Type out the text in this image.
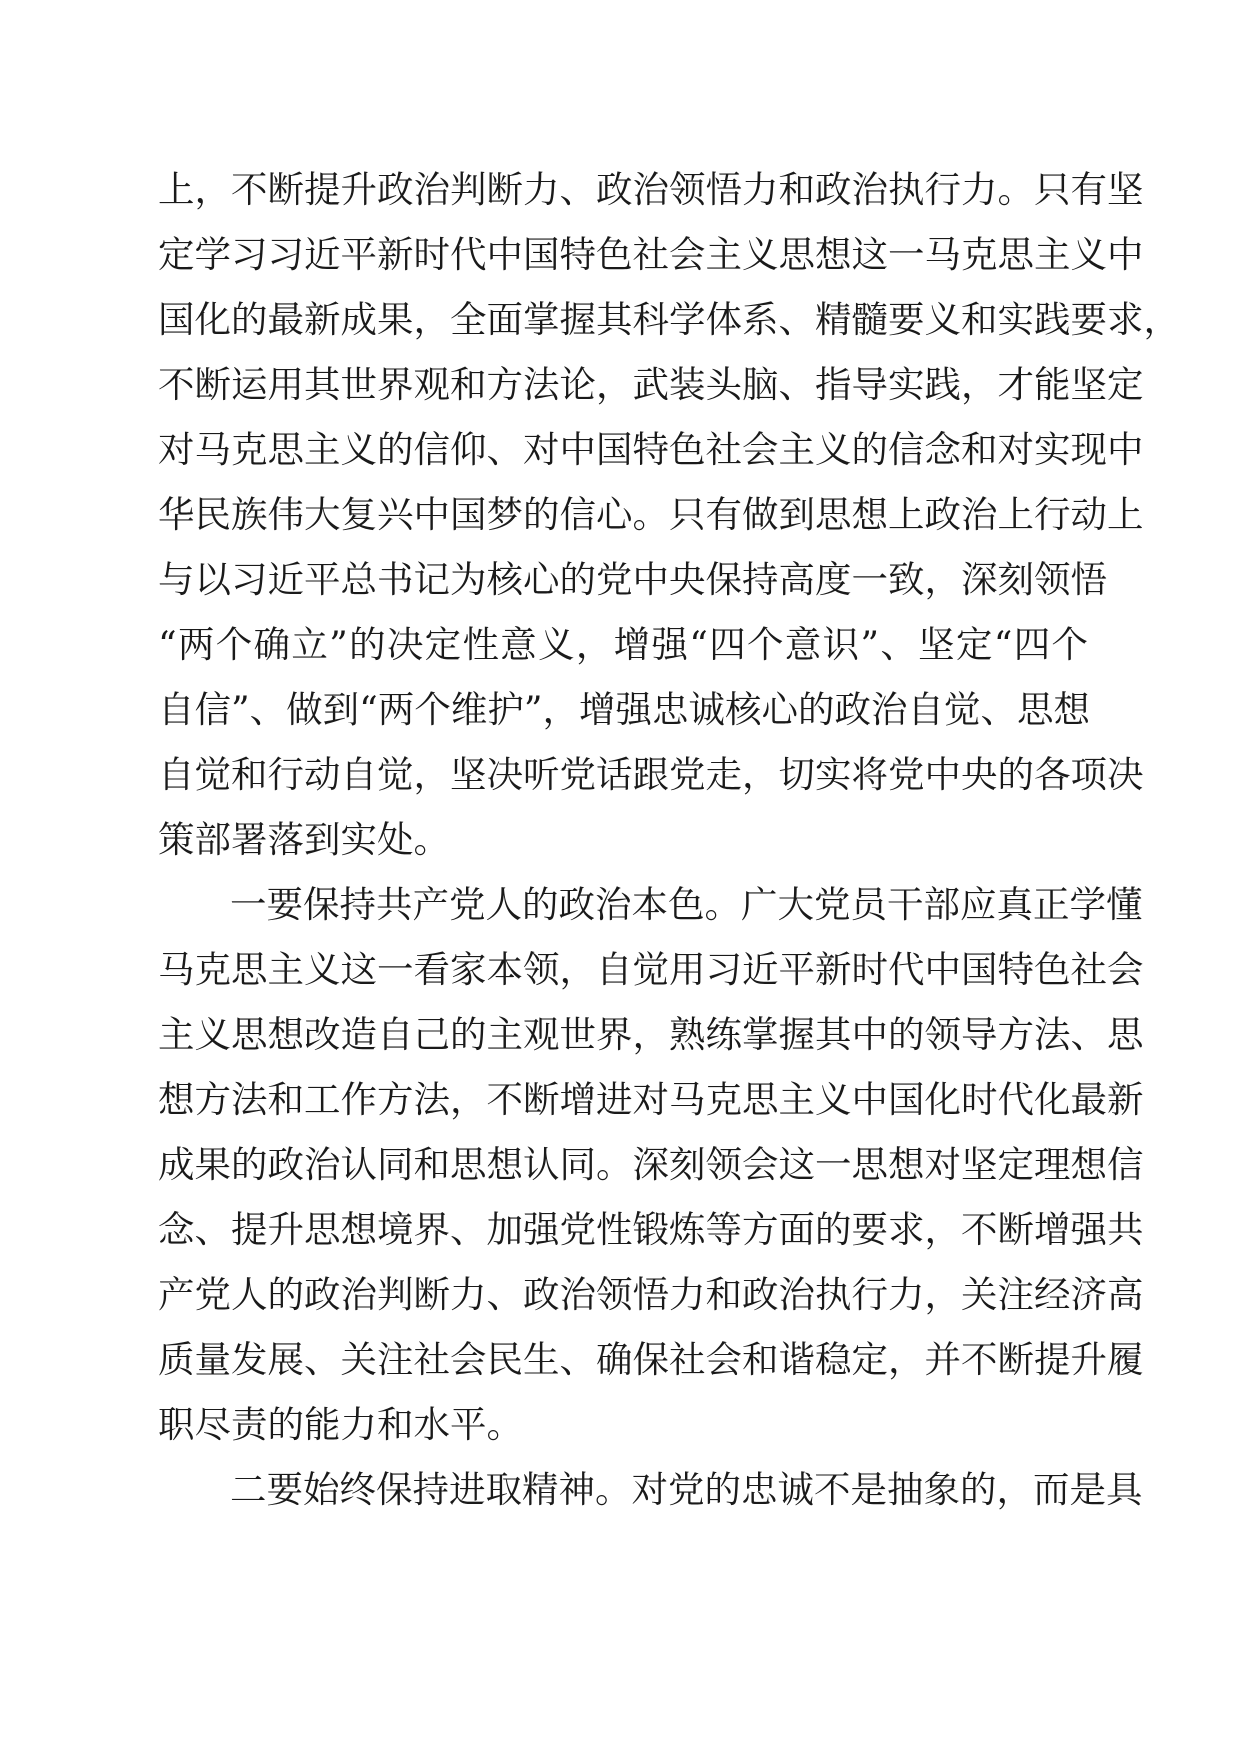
上，不断提升政治判断力、政治领悟力和政治执行力。只有坚
定学习习近平新时代中国特色社会主义思想这一马克思主义中
国化的最新成果，全面掌握其科学体系、精髓要义和实践要求，
不断运用其世界观和方法论，武装头脑、指导实践，才能坚定
对马克思主义的信仰、对中国特色社会主义的信念和对实现中
华民族伟大复兴中国梦的信心。只有做到思想上政治上行动上
与以习近平总书记为核心的党中央保持高度一致，深刻领悟
“两个确立”的决定性意义，增强“四个意识”、坚定“四个
自信”、做到“两个维护”，增强忠诚核心的政治自觉、思想
自觉和行动自觉，坚决听党话跟党走，切实将党中央的各项决
策部署落到实处。
一要保持共产党人的政治本色。广大党员干部应真正学懂
马克思主义这一看家本领，自觉用习近平新时代中国特色社会
主义思想改造自己的主观世界，熟练掌握其中的领导方法、思
想方法和工作方法，不断增进对马克思主义中国化时代化最新
成果的政治认同和思想认同。深刻领会这一思想对坚定理想信
念、提升思想境界、加强党性锻炼等方面的要求，不断增强共
产党人的政治判断力、政治领悟力和政治执行力，关注经济高
质量发展、关注社会民生、确保社会和谐稳定，并不断提升履
职尽责的能力和水平。
二要始终保持进取精神。对党的忠诚不是抽象的，而是具
